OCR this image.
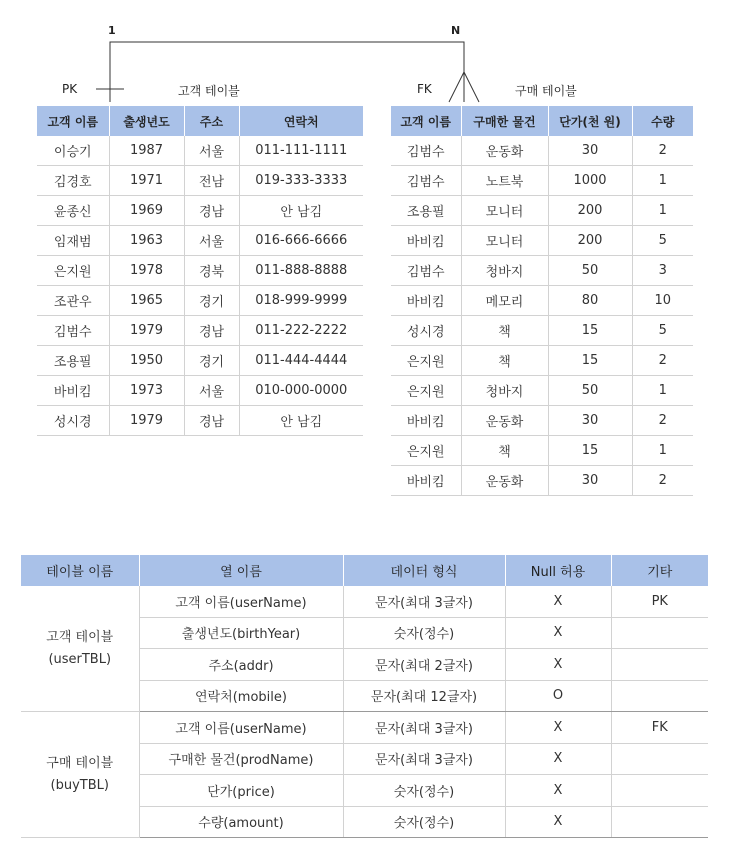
1	N
PK	FK
고객 테이블	구매 테이블
고객 이름	출생년도	주소	연락처
이승기	1987	서울	011-111-1111
김경호	1971	전남	019-333-3333
윤종신	1969	경남	안 남김
임재범	1963	서울	016-666-6666
은지원	1978	경북	011-888-8888
조관우	1965	경기	018-999-9999
김범수	1979	경남	011-222-2222
조용필	1950	경기	011-444-4444
바비킴	1973	서울	010-000-0000
성시경	1979	경남	안 남김
고객 이름	구매한 물건	단가(천 원)	수량
김범수	운동화	30	2
김범수	노트북	1000	1
조용필	모니터	200	1
바비킴	모니터	200	5
김범수	청바지	50	3
바비킴	메모리	80	10
성시경	책	15	5
은지원	책	15	2
은지원	청바지	50	1
바비킴	운동화	30	2
은지원	책	15	1
바비킴	운동화	30	2
테이블 이름	열 이름	데이터 형식	Null 허용	기타

고객 테이블
(userTBL)	고객 이름(userName)	문자(최대 3글자)	X	PK
	출생년도(birthYear)	숫자(정수)	X	
	주소(addr)	문자(최대 2글자)	X	
	연락처(mobile)	문자(최대 12글자)	O	

구매 테이블
(buyTBL)	고객 이름(userName)	문자(최대 3글자)	X	FK
	구매한 물건(prodName)	문자(최대 3글자)	X	
	단가(price)	숫자(정수)	X	
	수량(amount)	숫자(정수)	X	
